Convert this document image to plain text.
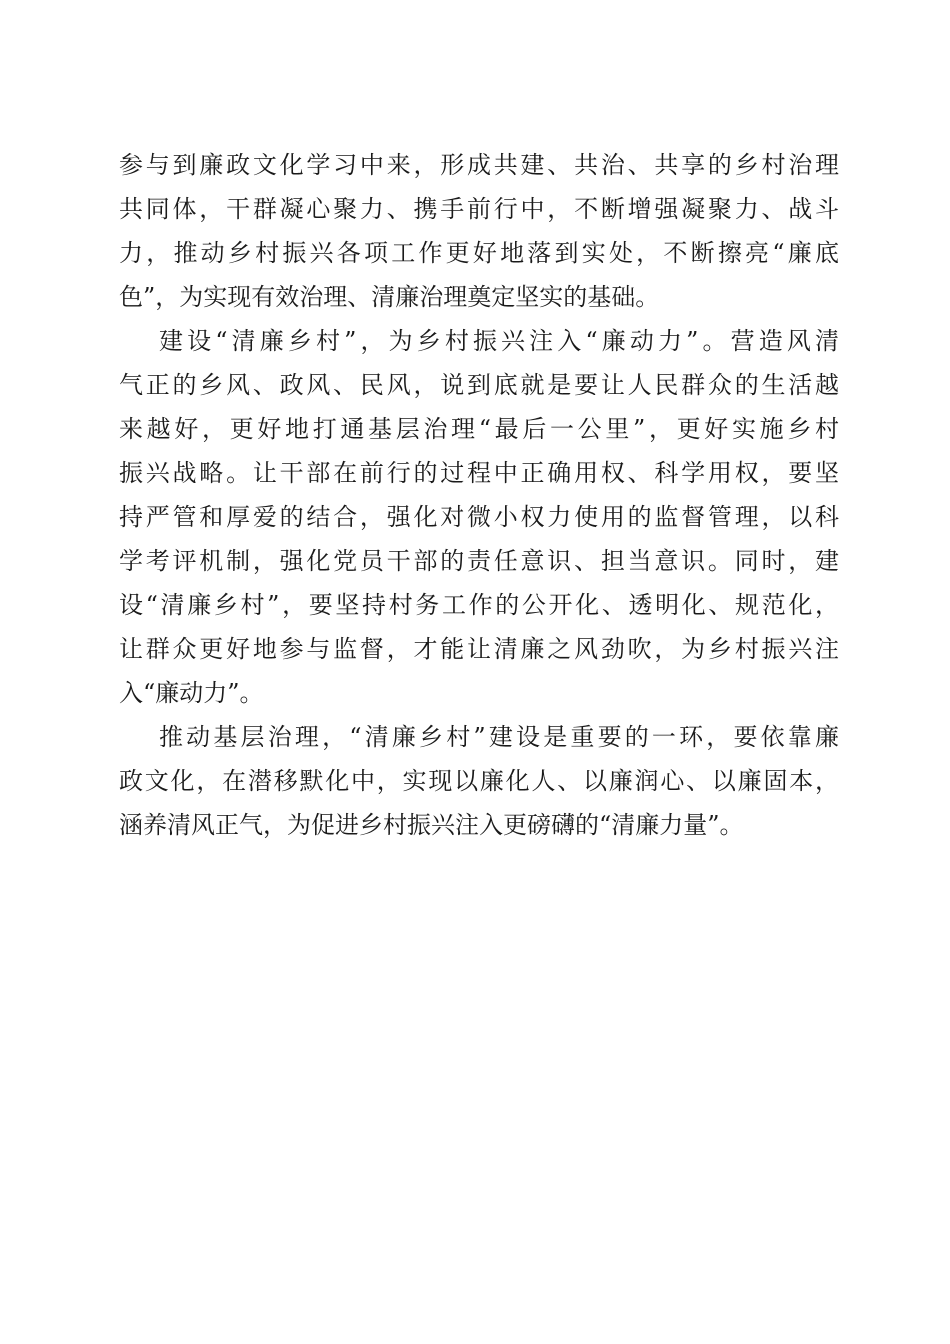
参与到廉政文化学习中来，形成共建、共治、共享的乡村治理
共同体，干群凝心聚力、携手前行中，不断增强凝聚力、战斗
力，推动乡村振兴各项工作更好地落到实处，不断擦亮“廉底
色”，为实现有效治理、清廉治理奠定坚实的基础。
建设“清廉乡村”，为乡村振兴注入“廉动力”。营造风清
气正的乡风、政风、民风，说到底就是要让人民群众的生活越
来越好，更好地打通基层治理“最后一公里”，更好实施乡村
振兴战略。让干部在前行的过程中正确用权、科学用权，要坚
持严管和厚爱的结合，强化对微小权力使用的监督管理，以科
学考评机制，强化党员干部的责任意识、担当意识。同时，建
设“清廉乡村”，要坚持村务工作的公开化、透明化、规范化，
让群众更好地参与监督，才能让清廉之风劲吹，为乡村振兴注
入“廉动力”。
推动基层治理，“清廉乡村”建设是重要的一环，要依靠廉
政文化，在潜移默化中，实现以廉化人、以廉润心、以廉固本，
涵养清风正气，为促进乡村振兴注入更磅礴的“清廉力量”。
